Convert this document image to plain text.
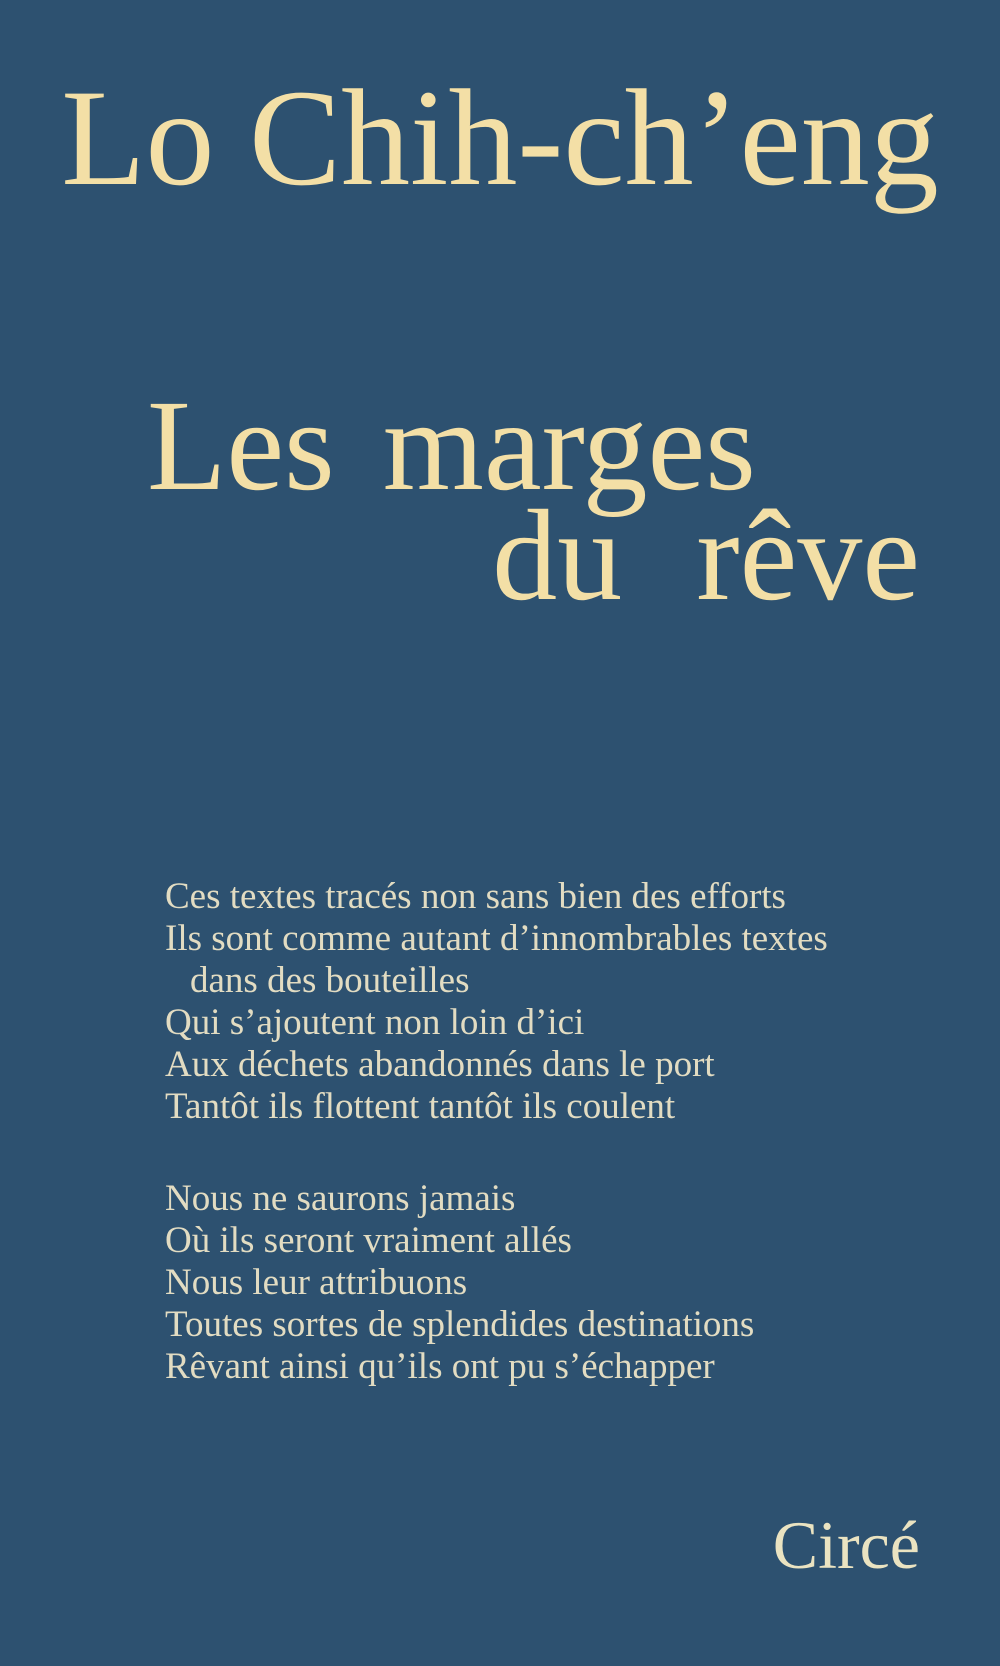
Lo Chih-ch’eng
Les marges
du rêve
Ces textes tracés non sans bien des efforts
Ils sont comme autant d’innombrables textes
dans des bouteilles
Qui s’ajoutent non loin d’ici
Aux déchets abandonnés dans le port
Tantôt ils flottent tantôt ils coulent
Nous ne saurons jamais
Où ils seront vraiment allés
Nous leur attribuons
Toutes sortes de splendides destinations
Rêvant ainsi qu’ils ont pu s’échapper
Circé
